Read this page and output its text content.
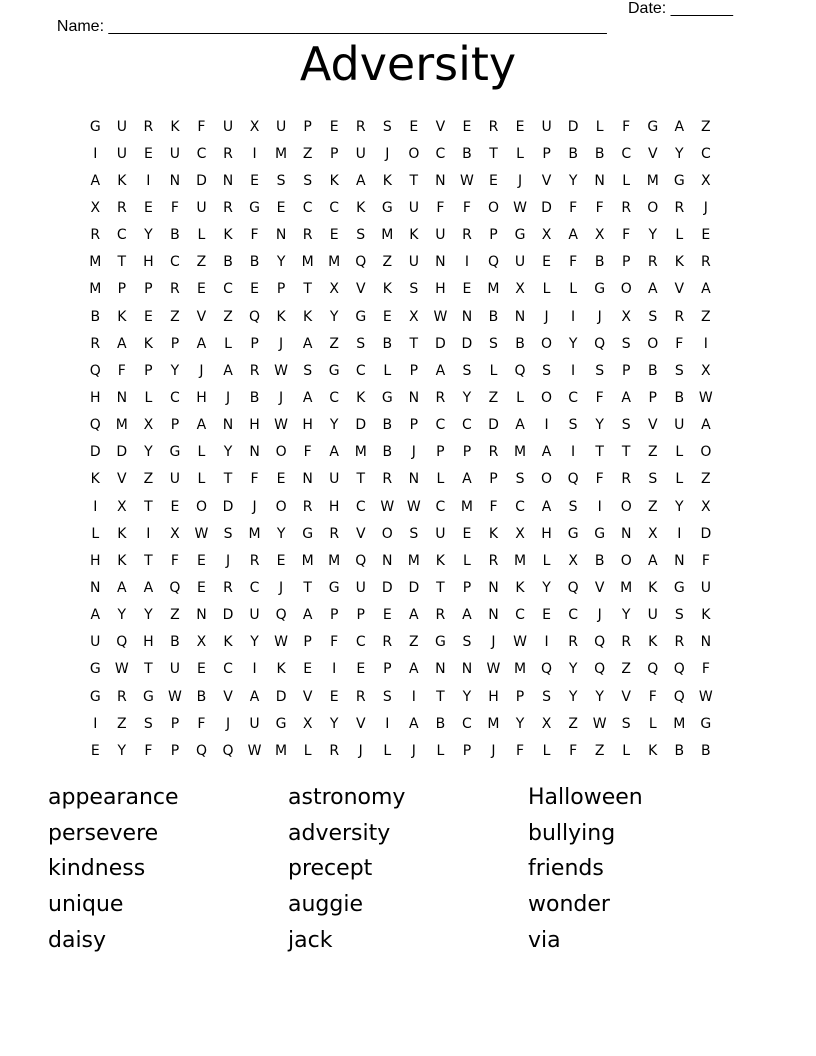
Name: ________________________________________________________

Date: _______

Adversity
G	U	R	K	F	U	X	U	P	E	R	S	E	V	E	R	E	U	D	L	F	G	A	Z
I	U	E	U	C	R	I	M	Z	P	U	J	O	C	B	T	L	P	B	B	C	V	Y	C
A	K	I	N	D	N	E	S	S	K	A	K	T	N	W	E	J	V	Y	N	L	M	G	X
X	R	E	F	U	R	G	E	C	C	K	G	U	F	F	O	W	D	F	F	R	O	R	J
R	C	Y	B	L	K	F	N	R	E	S	M	K	U	R	P	G	X	A	X	F	Y	L	E
M	T	H	C	Z	B	B	Y	M	M	Q	Z	U	N	I	Q	U	E	F	B	P	R	K	R
M	P	P	R	E	C	E	P	T	X	V	K	S	H	E	M	X	L	L	G	O	A	V	A
B	K	E	Z	V	Z	Q	K	K	Y	G	E	X	W	N	B	N	J	I	J	X	S	R	Z
R	A	K	P	A	L	P	J	A	Z	S	B	T	D	D	S	B	O	Y	Q	S	O	F	I
Q	F	P	Y	J	A	R	W	S	G	C	L	P	A	S	L	Q	S	I	S	P	B	S	X
H	N	L	C	H	J	B	J	A	C	K	G	N	R	Y	Z	L	O	C	F	A	P	B	W
Q	M	X	P	A	N	H	W	H	Y	D	B	P	C	C	D	A	I	S	Y	S	V	U	A
D	D	Y	G	L	Y	N	O	F	A	M	B	J	P	P	R	M	A	I	T	T	Z	L	O
K	V	Z	U	L	T	F	E	N	U	T	R	N	L	A	P	S	O	Q	F	R	S	L	Z
I	X	T	E	O	D	J	O	R	H	C	W W	C	M	F	C	A	S	I	O	Z	Y	X
L	K	I	X	W	S	M	Y	G	R	V	O	S	U	E	K	X	H	G	G	N	X	I	D
H	K	T	F	E	J	R	E	M	M	Q	N	M	K	L	R	M	L	X	B	O	A	N	F
N	A	A	Q	E	R	C	J	T	G	U	D	D	T	P	N	K	Y	Q	V	M	K	G	U
A	Y	Y	Z	N	D	U	Q	A	P	P	E	A	R	A	N	C	E	C	J	Y	U	S	K
U	Q	H	B	X	K	Y	W	P	F	C	R	Z	G	S	J	W	I	R	Q	R	K	R	N
G	W	T	U	E	C	I	K	E	I	E	P	A	N	N	W M	Q	Y	Q	Z	Q	Q	F
G	R	G	W	B	V	A	D	V	E	R	S	I	T	Y	H	P	S	Y	Y	V	F	Q	W
I	Z	S	P	F	J	U	G	X	Y	V	I	A	B	C	M	Y	X	Z	W	S	L	M	G
E	Y	F	P	Q	Q	W M	L	R	J	L	J	L	P	J	F	L	F	Z	L	K	B	B
appearance	astronomy	Halloween
persevere	adversity	bullying
kindness	precept	friends
unique	auggie	wonder
daisy	jack	via
